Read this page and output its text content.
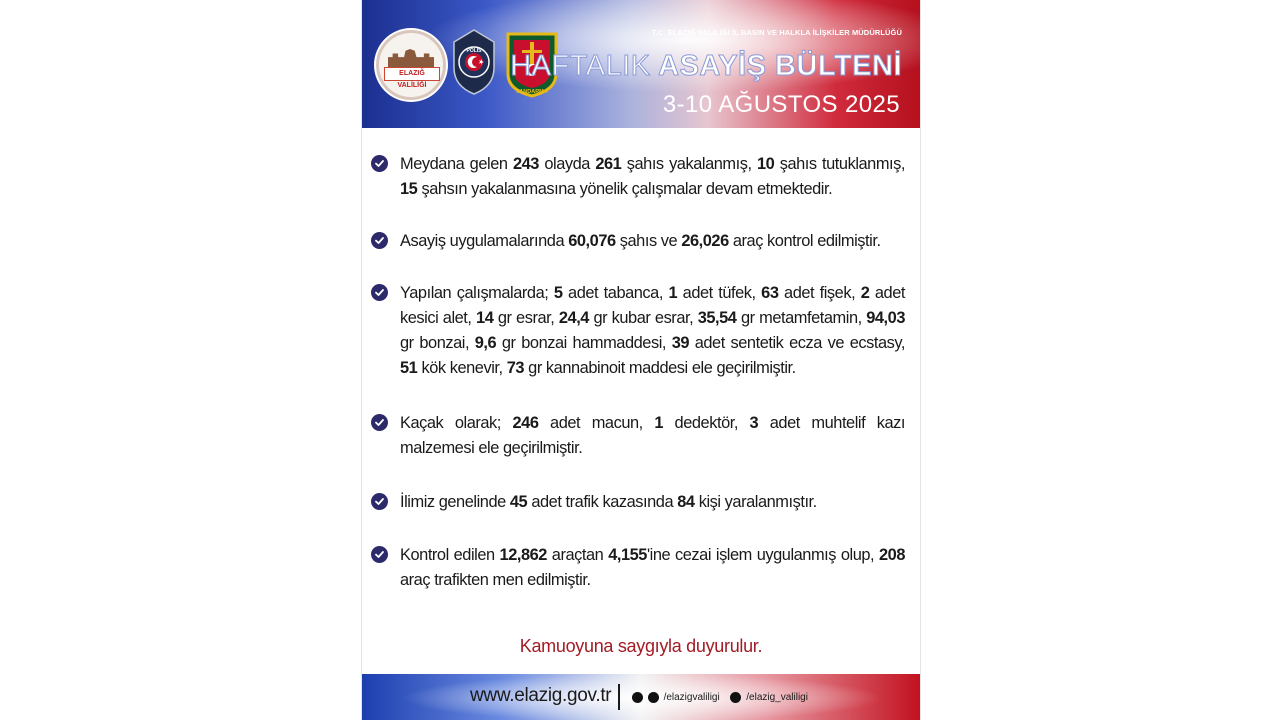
ELAZIĞ VALİLİĞİ
POLİS
JANDARMA
T.C. ELAZIĞ VALİLİĞİ İL BASIN VE HALKLA İLİŞKİLER MÜDÜRLÜĞÜ
HAFTALIK ASAYİŞ BÜLTENİ
3-10 AĞUSTOS 2025
Meydana gelen 243 olayda 261 şahıs yakalanmış, 10 şahıs tutuklanmış, 15 şahsın yakalanmasına yönelik çalışmalar devam etmektedir.
Asayiş uygulamalarında 60,076 şahıs ve 26,026 araç kontrol edilmiştir.
Yapılan çalışmalarda; 5 adet tabanca, 1 adet tüfek, 63 adet fişek, 2 adet kesici alet, 14 gr esrar, 24,4 gr kubar esrar, 35,54 gr metamfetamin, 94,03 gr bonzai, 9,6 gr bonzai hammaddesi, 39 adet sentetik ecza ve ecstasy, 51 kök kenevir, 73 gr kannabinoit maddesi ele geçirilmiştir.
Kaçak olarak; 246 adet macun, 1 dedektör, 3 adet muhtelif kazı malzemesi ele geçirilmiştir.
İlimiz genelinde 45 adet trafik kazasında 84 kişi yaralanmıştır.
Kontrol edilen 12,862 araçtan 4,155'ine cezai işlem uygulanmış olup, 208 araç trafikten men edilmiştir.
Kamuoyuna saygıyla duyurulur.
www.elazig.gov.tr	/elazigvaliligi	/elazig_valiligi
